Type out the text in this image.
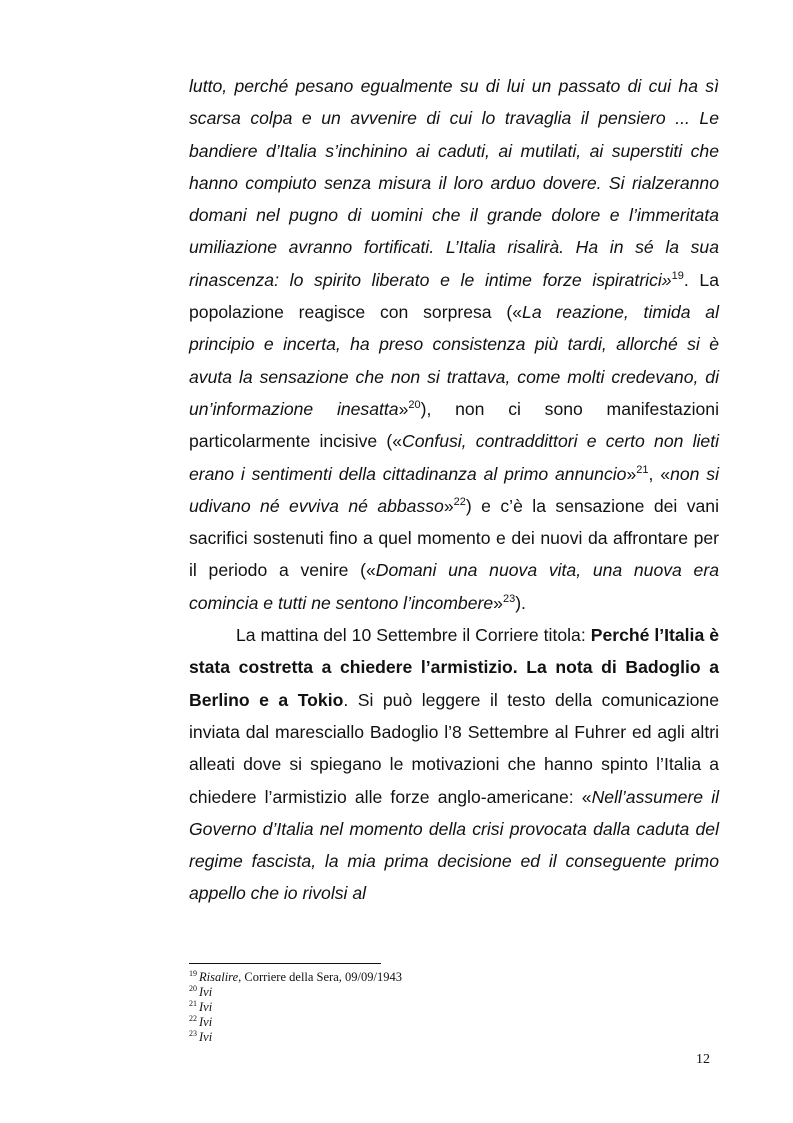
lutto, perché pesano egualmente su di lui un passato di cui ha sì scarsa colpa e un avvenire di cui lo travaglia il pensiero ... Le bandiere d’Italia s’inchinino ai caduti, ai mutilati, ai superstiti che hanno compiuto senza misura il loro arduo dovere. Si rialzeranno domani nel pugno di uomini che il grande dolore e l’immeritata umiliazione avranno fortificati. L’Italia risalirà. Ha in sé la sua rinascenza: lo spirito liberato e le intime forze ispiratrici»$^{19}$. La popolazione reagisce con sorpresa («La reazione, timida al principio e incerta, ha preso consistenza più tardi, allorché si è avuta la sensazione che non si trattava, come molti credevano, di un’informazione inesatta»$^{20}$), non ci sono manifestazioni particolarmente incisive («Confusi, contraddittori e certo non lieti erano i sentimenti della cittadinanza al primo annuncio»$^{21}$, «non si udivano né evviva né abbasso»$^{22}$) e c’è la sensazione dei vani sacrifici sostenuti fino a quel momento e dei nuovi da affrontare per il periodo a venire («Domani una nuova vita, una nuova era comincia e tutti ne sentono l’incombere»$^{23}$).

La mattina del 10 Settembre il Corriere titola: Perché l’Italia è stata costretta a chiedere l’armistizio. La nota di Badoglio a Berlino e a Tokio. Si può leggere il testo della comunicazione inviata dal maresciallo Badoglio l’8 Settembre al Fuhrer ed agli altri alleati dove si spiegano le motivazioni che hanno spinto l’Italia a chiedere l’armistizio alle forze anglo-americane: «Nell’assumere il Governo d’Italia nel momento della crisi provocata dalla caduta del regime fascista, la mia prima decisione ed il conseguente primo appello che io rivolsi al

$^{19}$ Risalire, Corriere della Sera, 09/09/1943
$^{20}$ Ivi
$^{21}$ Ivi
$^{22}$ Ivi
$^{23}$ Ivi
12
